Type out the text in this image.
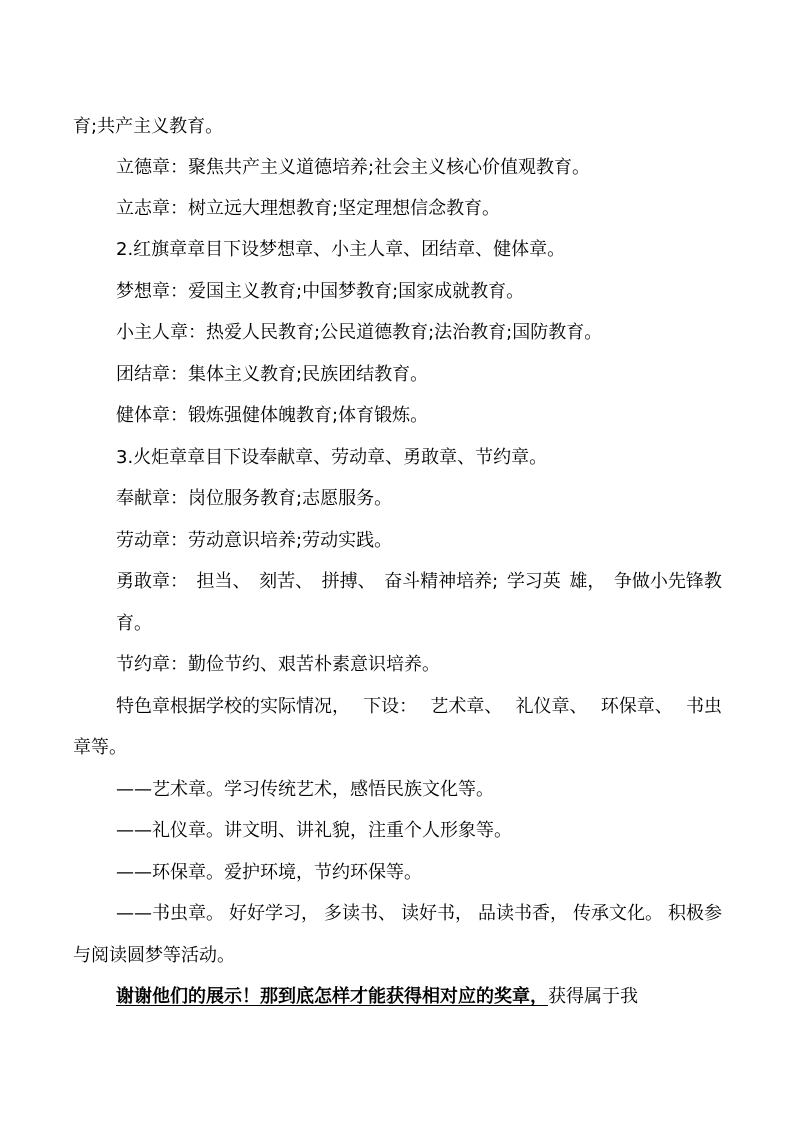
育;共产主义教育。
立德章：聚焦共产主义道德培养;社会主义核心价值观教育。
立志章：树立远大理想教育;坚定理想信念教育。
2.红旗章章目下设梦想章、小主人章、团结章、健体章。
梦想章：爱国主义教育;中国梦教育;国家成就教育。
小主人章：热爱人民教育;公民道德教育;法治教育;国防教育。
团结章：集体主义教育;民族团结教育。
健体章：锻炼强健体魄教育;体育锻炼。
3.火炬章章目下设奉献章、劳动章、勇敢章、节约章。
奉献章：岗位服务教育;志愿服务。
劳动章：劳动意识培养;劳动实践。
勇敢章： 担当、 刻苦、 拼搏、 奋斗精神培养; 学习英 雄， 争做小先锋教
育。
节约章：勤俭节约、艰苦朴素意识培养。
特色章根据学校的实际情况， 下设： 艺术章、 礼仪章、 环保章、 书虫
章等。
——艺术章。学习传统艺术，感悟民族文化等。
——礼仪章。讲文明、讲礼貌，注重个人形象等。
——环保章。爱护环境，节约环保等。
——书虫章。 好好学习， 多读书、 读好书， 品读书香， 传承文化。 积极参
与阅读圆梦等活动。
谢谢他们的展示！那到底怎样才能获得相对应的奖章，获得属于我
